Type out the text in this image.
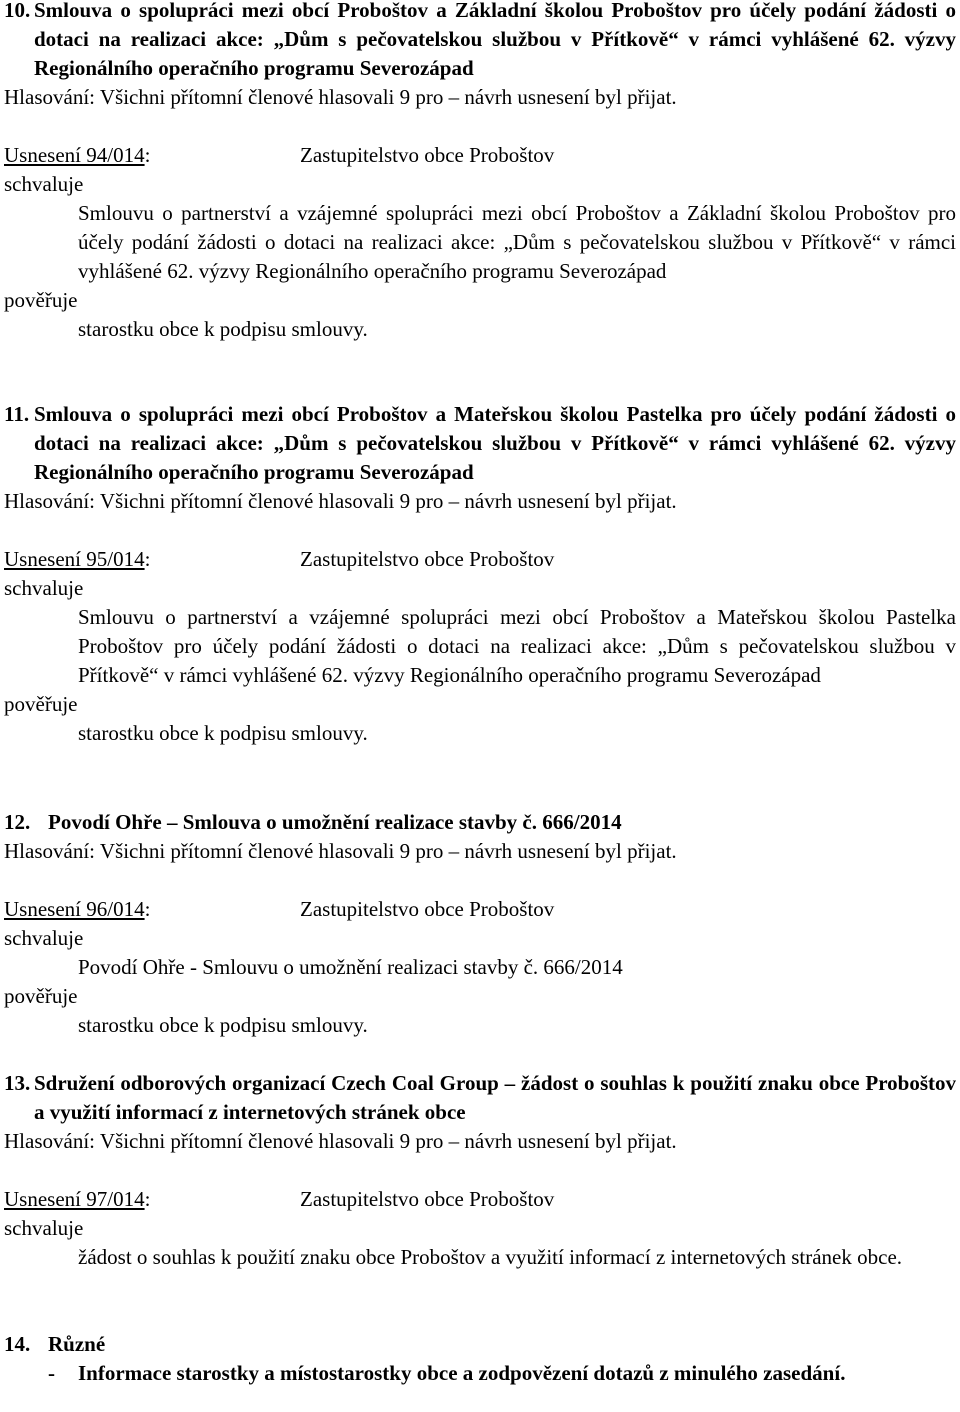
10. Smlouva o spolupráci mezi obcí Proboštov a Základní školou Proboštov pro účely podání žádosti o dotaci na realizaci akce: „Dům s pečovatelskou službou v Přítkově“ v rámci vyhlášené 62. výzvy Regionálního operačního programu Severozápad
Hlasování: Všichni přítomní členové hlasovali 9 pro – návrh usnesení byl přijat.
Usnesení 94/014:	Zastupitelstvo obce Proboštov
schvaluje
Smlouvu o partnerství a vzájemné spolupráci mezi obcí Proboštov a Základní školou Proboštov pro účely podání žádosti o dotaci na realizaci akce: „Dům s pečovatelskou službou v Přítkově“ v rámci vyhlášené 62. výzvy Regionálního operačního programu Severozápad
pověřuje
starostku obce k podpisu smlouvy.
11. Smlouva o spolupráci mezi obcí Proboštov a Mateřskou školou Pastelka pro účely podání žádosti o dotaci na realizaci akce: „Dům s pečovatelskou službou v Přítkově“ v rámci vyhlášené 62. výzvy Regionálního operačního programu Severozápad
Hlasování: Všichni přítomní členové hlasovali 9 pro – návrh usnesení byl přijat.
Usnesení 95/014:	Zastupitelstvo obce Proboštov
schvaluje
Smlouvu o partnerství a vzájemné spolupráci mezi obcí Proboštov a Mateřskou školou Pastelka Proboštov pro účely podání žádosti o dotaci na realizaci akce: „Dům s pečovatelskou službou v Přítkově“ v rámci vyhlášené 62. výzvy Regionálního operačního programu Severozápad
pověřuje
starostku obce k podpisu smlouvy.
12. Povodí Ohře – Smlouva o umožnění realizace stavby č. 666/2014
Hlasování: Všichni přítomní členové hlasovali 9 pro – návrh usnesení byl přijat.
Usnesení 96/014:	Zastupitelstvo obce Proboštov
schvaluje
Povodí Ohře - Smlouvu o umožnění realizaci stavby č. 666/2014
pověřuje
starostku obce k podpisu smlouvy.
13. Sdružení odborových organizací Czech Coal Group – žádost o souhlas k použití znaku obce Proboštov a využití informací z internetových stránek obce
Hlasování: Všichni přítomní členové hlasovali 9 pro – návrh usnesení byl přijat.
Usnesení 97/014:	Zastupitelstvo obce Proboštov
schvaluje
žádost o souhlas k použití znaku obce Proboštov a využití informací z internetových stránek obce.
14. Různé
- Informace starostky a místostarostky obce a zodpovězení dotazů z minulého zasedání.
